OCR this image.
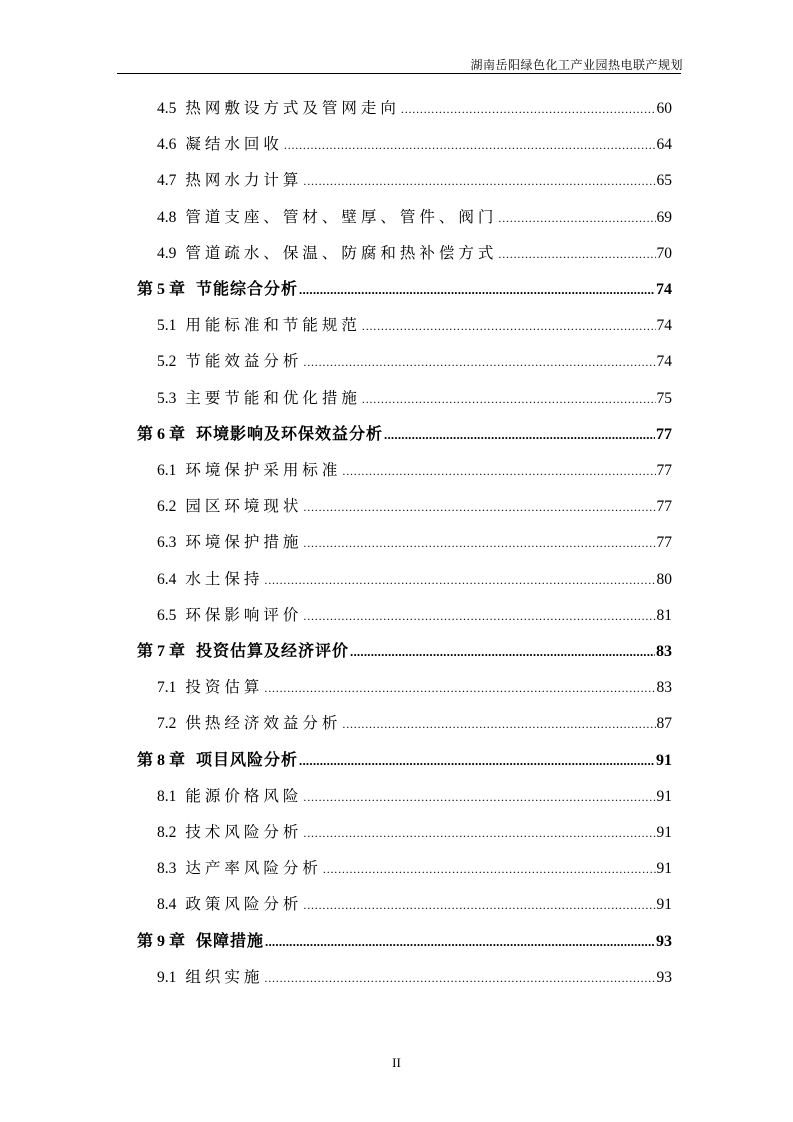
湖南岳阳绿色化工产业园热电联产规划
4.5 热网敷设方式及管网走向 .....	60
4.6 凝结水回收 .....	64
4.7 热网水力计算 .....	65
4.8 管道支座、管材、壁厚、管件、阀门 .....	69
4.9 管道疏水、保温、防腐和热补偿方式 .....	70
第 5 章 节能综合分析 .....	74
5.1 用能标准和节能规范 .....	74
5.2 节能效益分析 .....	74
5.3 主要节能和优化措施 .....	75
第 6 章 环境影响及环保效益分析 .....	77
6.1 环境保护采用标准 .....	77
6.2 园区环境现状 .....	77
6.3 环境保护措施 .....	77
6.4 水土保持 .....	80
6.5 环保影响评价 .....	81
第 7 章 投资估算及经济评价 .....	83
7.1 投资估算 .....	83
7.2 供热经济效益分析 .....	87
第 8 章 项目风险分析 .....	91
8.1 能源价格风险 .....	91
8.2 技术风险分析 .....	91
8.3 达产率风险分析 .....	91
8.4 政策风险分析 .....	91
第 9 章 保障措施 .....	93
9.1 组织实施 .....	93
II
